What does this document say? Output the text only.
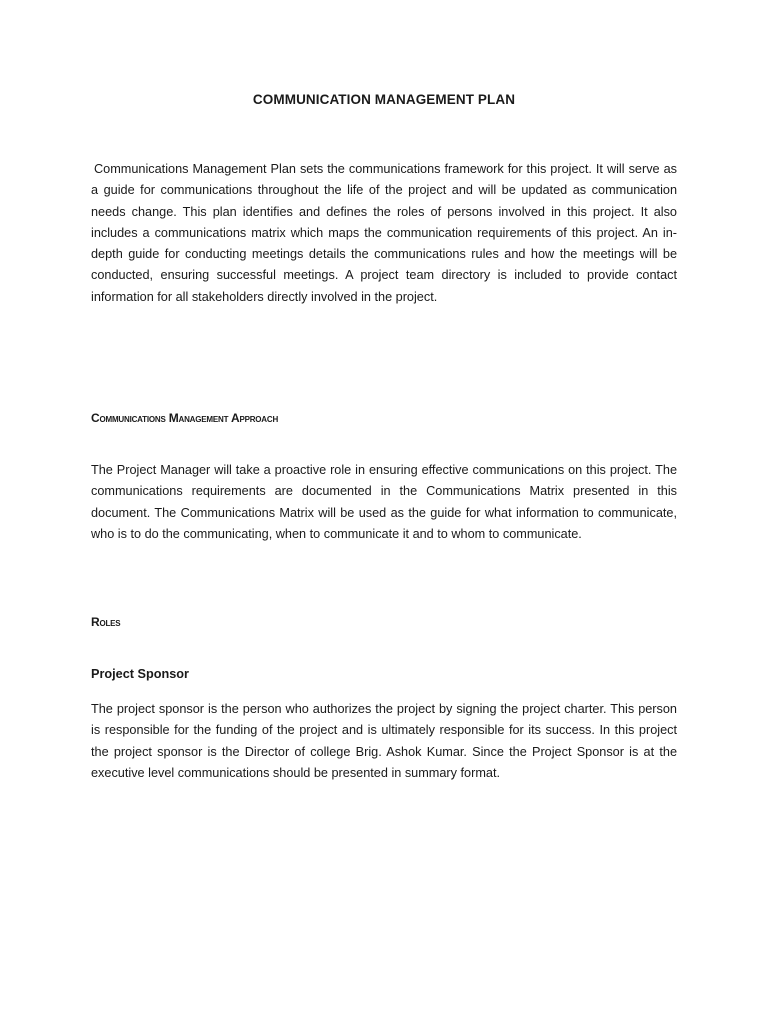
COMMUNICATION MANAGEMENT PLAN

Communications Management Plan sets the communications framework for this project. It will serve as a guide for communications throughout the life of the project and will be updated as communication needs change. This plan identifies and defines the roles of persons involved in this project. It also includes a communications matrix which maps the communication requirements of this project. An in-depth guide for conducting meetings details the communications rules and how the meetings will be conducted, ensuring successful meetings. A project team directory is included to provide contact information for all stakeholders directly involved in the project.

Communications Management Approach

The Project Manager will take a proactive role in ensuring effective communications on this project. The communications requirements are documented in the Communications Matrix presented in this document. The Communications Matrix will be used as the guide for what information to communicate, who is to do the communicating, when to communicate it and to whom to communicate.

Roles
Project Sponsor

The project sponsor is the person who authorizes the project by signing the project charter. This person is responsible for the funding of the project and is ultimately responsible for its success. In this project the project sponsor is the Director of college Brig. Ashok Kumar. Since the Project Sponsor is at the executive level communications should be presented in summary format.
